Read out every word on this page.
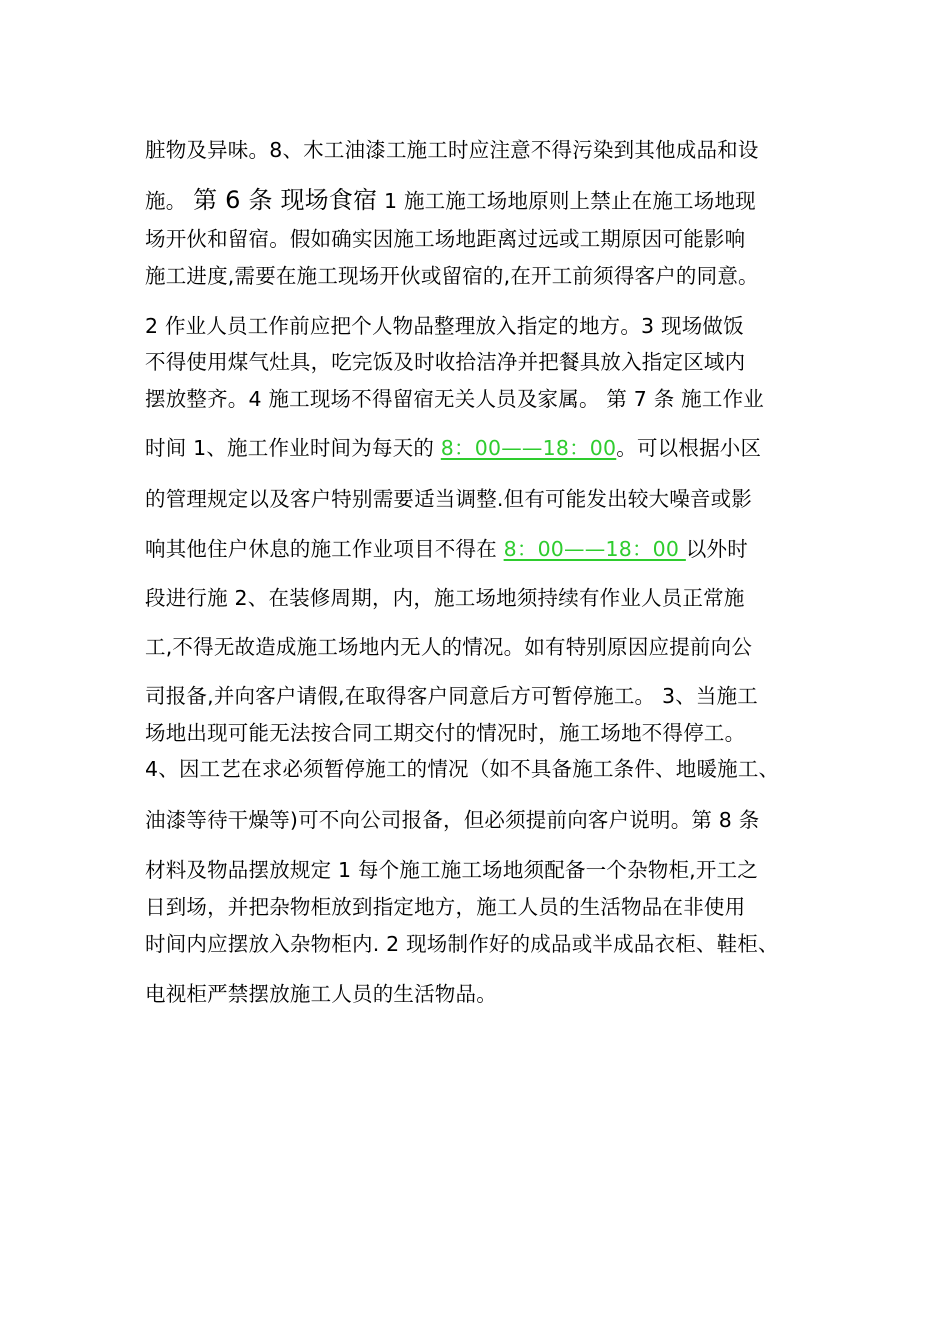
脏物及异味。8、木工油漆工施工时应注意不得污染到其他成品和设
施。 第 6 条 现场食宿 1 施工施工场地原则上禁止在施工场地现
场开伙和留宿。假如确实因施工场地距离过远或工期原因可能影响
施工进度,需要在施工现场开伙或留宿的,在开工前须得客户的同意。
2 作业人员工作前应把个人物品整理放入指定的地方。3 现场做饭
不得使用煤气灶具，吃完饭及时收拾洁净并把餐具放入指定区域内
摆放整齐。4 施工现场不得留宿无关人员及家属。 第 7 条 施工作业
时间 1、施工作业时间为每天的 8：00——18：00。可以根据小区
的管理规定以及客户特别需要适当调整.但有可能发出较大噪音或影
响其他住户休息的施工作业项目不得在 8：00——18：00 以外时
段进行施 2、在装修周期，内，施工场地须持续有作业人员正常施
工,不得无故造成施工场地内无人的情况。如有特别原因应提前向公
司报备,并向客户请假,在取得客户同意后方可暂停施工。 3、当施工
场地出现可能无法按合同工期交付的情况时，施工场地不得停工。
4、因工艺在求必须暂停施工的情况（如不具备施工条件、地暖施工、
油漆等待干燥等)可不向公司报备，但必须提前向客户说明。第 8 条
材料及物品摆放规定 1 每个施工施工场地须配备一个杂物柜,开工之
日到场，并把杂物柜放到指定地方，施工人员的生活物品在非使用
时间内应摆放入杂物柜内. 2 现场制作好的成品或半成品衣柜、鞋柜、
电视柜严禁摆放施工人员的生活物品。
